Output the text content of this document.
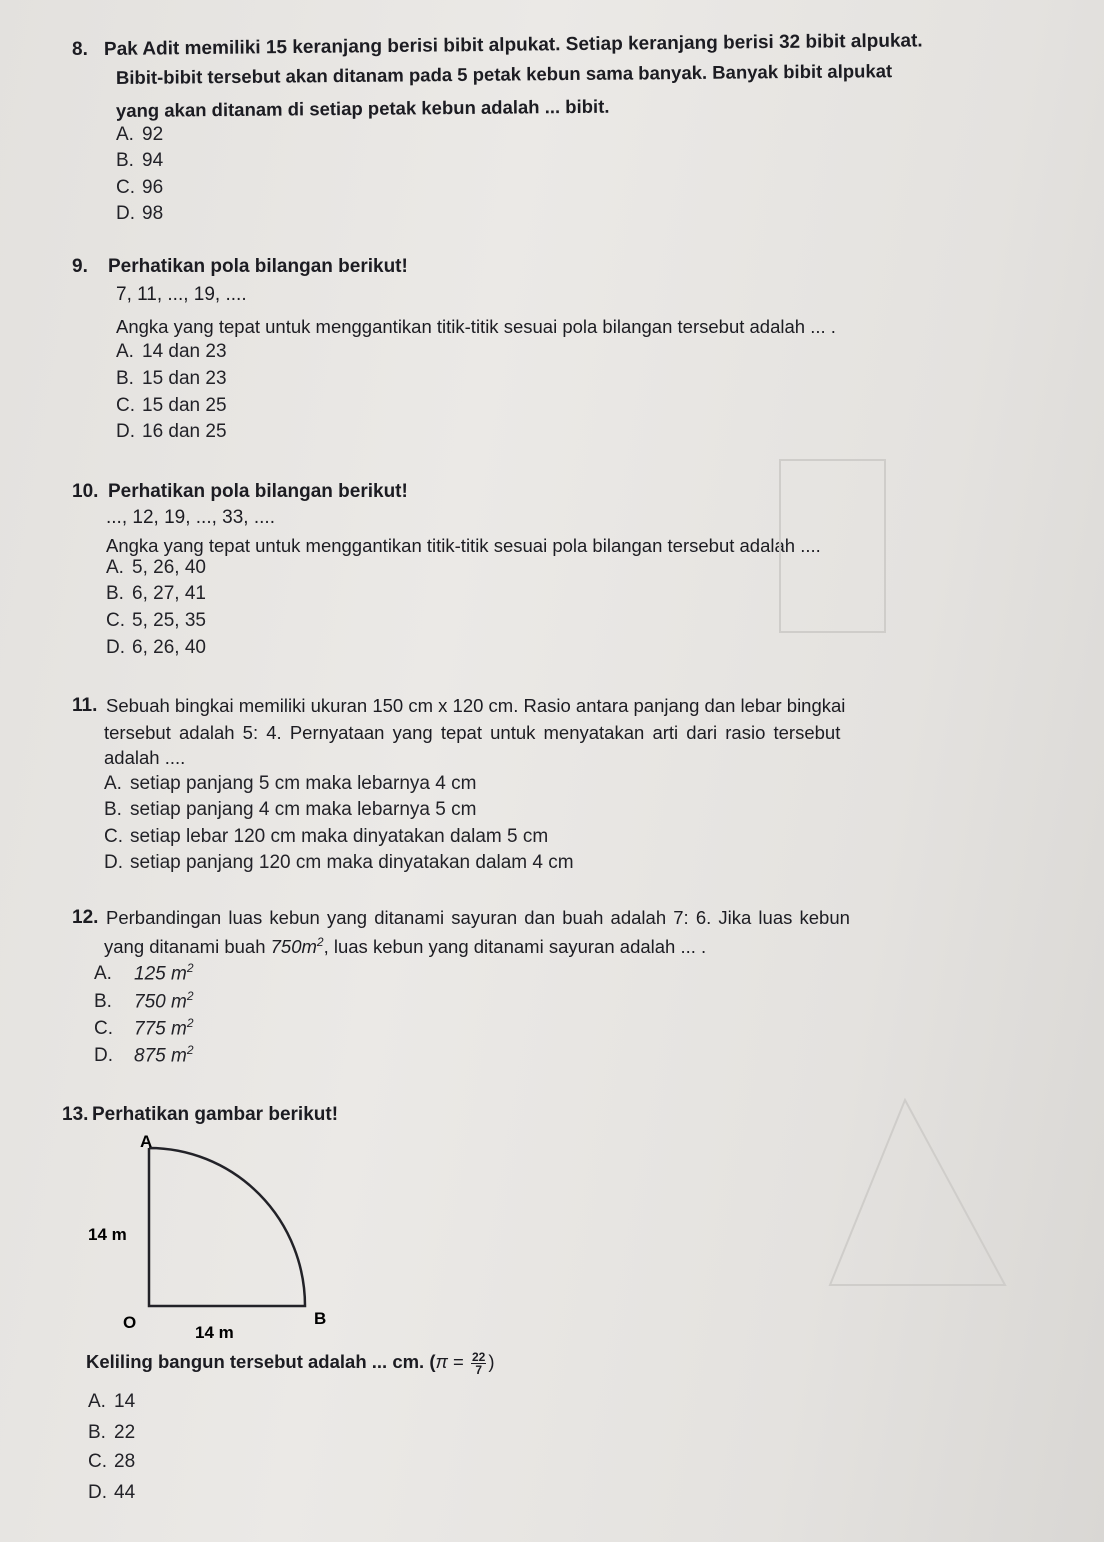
8. Pak Adit memiliki 15 keranjang berisi bibit alpukat. Setiap keranjang berisi 32 bibit alpukat.
Bibit-bibit tersebut akan ditanam pada 5 petak kebun sama banyak. Banyak bibit alpukat
yang akan ditanam di setiap petak kebun adalah ... bibit.
A. 92
B. 94
C. 96
D. 98
9. Perhatikan pola bilangan berikut!
7, 11, ..., 19, ....
Angka yang tepat untuk menggantikan titik-titik sesuai pola bilangan tersebut adalah ... .
A. 14 dan 23
B. 15 dan 23
C. 15 dan 25
D. 16 dan 25
10. Perhatikan pola bilangan berikut!
..., 12, 19, ..., 33, ....
Angka yang tepat untuk menggantikan titik-titik sesuai pola bilangan tersebut adalah ....
A. 5, 26, 40
B. 6, 27, 41
C. 5, 25, 35
D. 6, 26, 40
11. Sebuah bingkai memiliki ukuran 150 cm x 120 cm. Rasio antara panjang dan lebar bingkai
tersebut adalah 5: 4. Pernyataan yang tepat untuk menyatakan arti dari rasio tersebut
adalah ....
A. setiap panjang 5 cm maka lebarnya 4 cm
B. setiap panjang 4 cm maka lebarnya 5 cm
C. setiap lebar 120 cm maka dinyatakan dalam 5 cm
D. setiap panjang 120 cm maka dinyatakan dalam 4 cm
12. Perbandingan luas kebun yang ditanami sayuran dan buah adalah 7: 6. Jika luas kebun
yang ditanami buah $750m^2$, luas kebun yang ditanami sayuran adalah ... .
A. 125 $m^2$
B. 750 $m^2$
C. 775 $m^2$
D. 875 $m^2$
13. Perhatikan gambar berikut!
A
14 m
O
14 m
B
Keliling bangun tersebut adalah ... cm. ($\pi = \frac{22}{7}$ )
A. 14
B. 22
C. 28
D. 44
